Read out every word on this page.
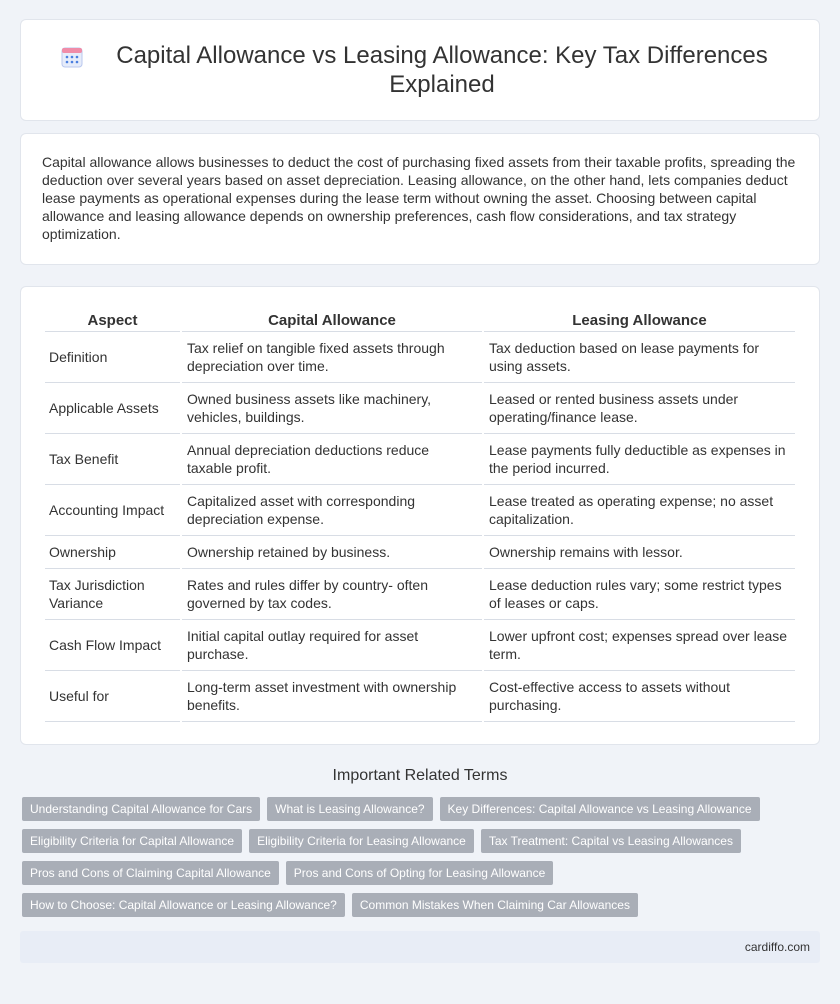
Capital Allowance vs Leasing Allowance: Key Tax Differences Explained

Capital allowance allows businesses to deduct the cost of purchasing fixed assets from their taxable profits, spreading the deduction over several years based on asset depreciation. Leasing allowance, on the other hand, lets companies deduct lease payments as operational expenses during the lease term without owning the asset. Choosing between capital allowance and leasing allowance depends on ownership preferences, cash flow considerations, and tax strategy optimization.

Aspect	Capital Allowance	Leasing Allowance
Definition	Tax relief on tangible fixed assets through depreciation over time.	Tax deduction based on lease payments for using assets.
Applicable Assets	Owned business assets like machinery, vehicles, buildings.	Leased or rented business assets under operating/finance lease.
Tax Benefit	Annual depreciation deductions reduce taxable profit.	Lease payments fully deductible as expenses in the period incurred.
Accounting Impact	Capitalized asset with corresponding depreciation expense.	Lease treated as operating expense; no asset capitalization.
Ownership	Ownership retained by business.	Ownership remains with lessor.
Tax Jurisdiction Variance	Rates and rules differ by country- often governed by tax codes.	Lease deduction rules vary; some restrict types of leases or caps.
Cash Flow Impact	Initial capital outlay required for asset purchase.	Lower upfront cost; expenses spread over lease term.
Useful for	Long-term asset investment with ownership benefits.	Cost-effective access to assets without purchasing.
Important Related Terms
Understanding Capital Allowance for Cars	What is Leasing Allowance?	Key Differences: Capital Allowance vs Leasing Allowance
Eligibility Criteria for Capital Allowance	Eligibility Criteria for Leasing Allowance	Tax Treatment: Capital vs Leasing Allowances
Pros and Cons of Claiming Capital Allowance	Pros and Cons of Opting for Leasing Allowance
How to Choose: Capital Allowance or Leasing Allowance?	Common Mistakes When Claiming Car Allowances
cardiffo.com
